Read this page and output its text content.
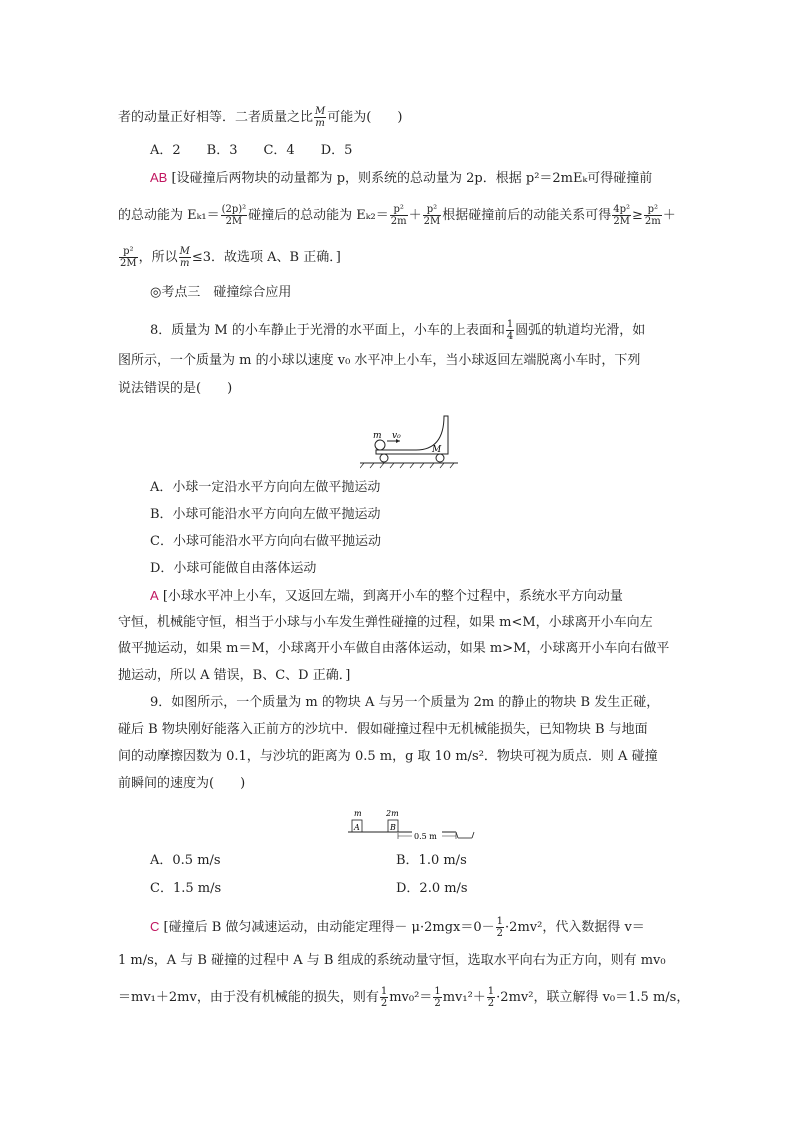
者的动量正好相等．二者质量之比 $\frac{M}{m}$ 可能为(　　)
A．2　　B．3　　C．4　　D．5
AB [设碰撞后两物块的动量都为 p，则系统的总动量为 2p．根据 p²＝2mEₖ可得碰撞前
的总动能为 $E_{k1}= \frac{\text{(2p)²}}{2M}$ 碰撞后的总动能为 $E_{k2}= \frac{\text{p²}}{2m} + \frac{\text{p²}}{2M}$ 根据碰撞前后的动能关系可得 $\frac{\text{4p²}}{2M} \ge \frac{\text{p²}}{2m}$ ＋
$\frac{\text{p²}}{2M}$ ，所以 $\frac{M}{m} \le 3$．故选项 A、B 正确．]
◎考点三　碰撞综合应用
8．质量为 M 的小车静止于光滑的水平面上，小车的上表面和 $\frac{1}{4}$ 圆弧的轨道均光滑，如
图所示，一个质量为 m 的小球以速度 v₀ 水平冲上小车，当小球返回左端脱离小车时，下列
说法错误的是(　　)
m v₀
M
A．小球一定沿水平方向向左做平抛运动
B．小球可能沿水平方向向左做平抛运动
C．小球可能沿水平方向向右做平抛运动
D．小球可能做自由落体运动
A [小球水平冲上小车，又返回左端，到离开小车的整个过程中，系统水平方向动量
守恒，机械能守恒，相当于小球与小车发生弹性碰撞的过程，如果 m<M，小球离开小车向左
做平抛运动，如果 m＝M，小球离开小车做自由落体运动，如果 m>M，小球离开小车向右做平
抛运动，所以 A 错误，B、C、D 正确．]
9．如图所示，一个质量为 m 的物块 A 与另一个质量为 2m 的静止的物块 B 发生正碰，
碰后 B 物块刚好能落入正前方的沙坑中．假如碰撞过程中无机械能损失，已知物块 B 与地面
间的动摩擦因数为 0.1，与沙坑的距离为 0.5 m，g 取 10 m/s²．物块可视为质点．则 A 碰撞
前瞬间的速度为(　　)
m
A
2m
B
0.5 m
A．0.5 m/s	B．1.0 m/s
C．1.5 m/s	D．2.0 m/s
C [碰撞后 B 做匀减速运动，由动能定理得－ $\mu\cdot 2mgx=0- \frac{1}{2} \cdot 2mv^2$，代入数据得 v＝
1 m/s，A 与 B 碰撞的过程中 A 与 B 组成的系统动量守恒，选取水平向右为正方向，则有 mv₀
＝mv₁＋2mv，由于没有机械能的损失，则有 $\frac{1}{2} mv_0^2= \frac{1}{2} mv_1^2+ \frac{1}{2} \cdot 2mv^2$，联立解得 v₀＝1.5 m/s，
